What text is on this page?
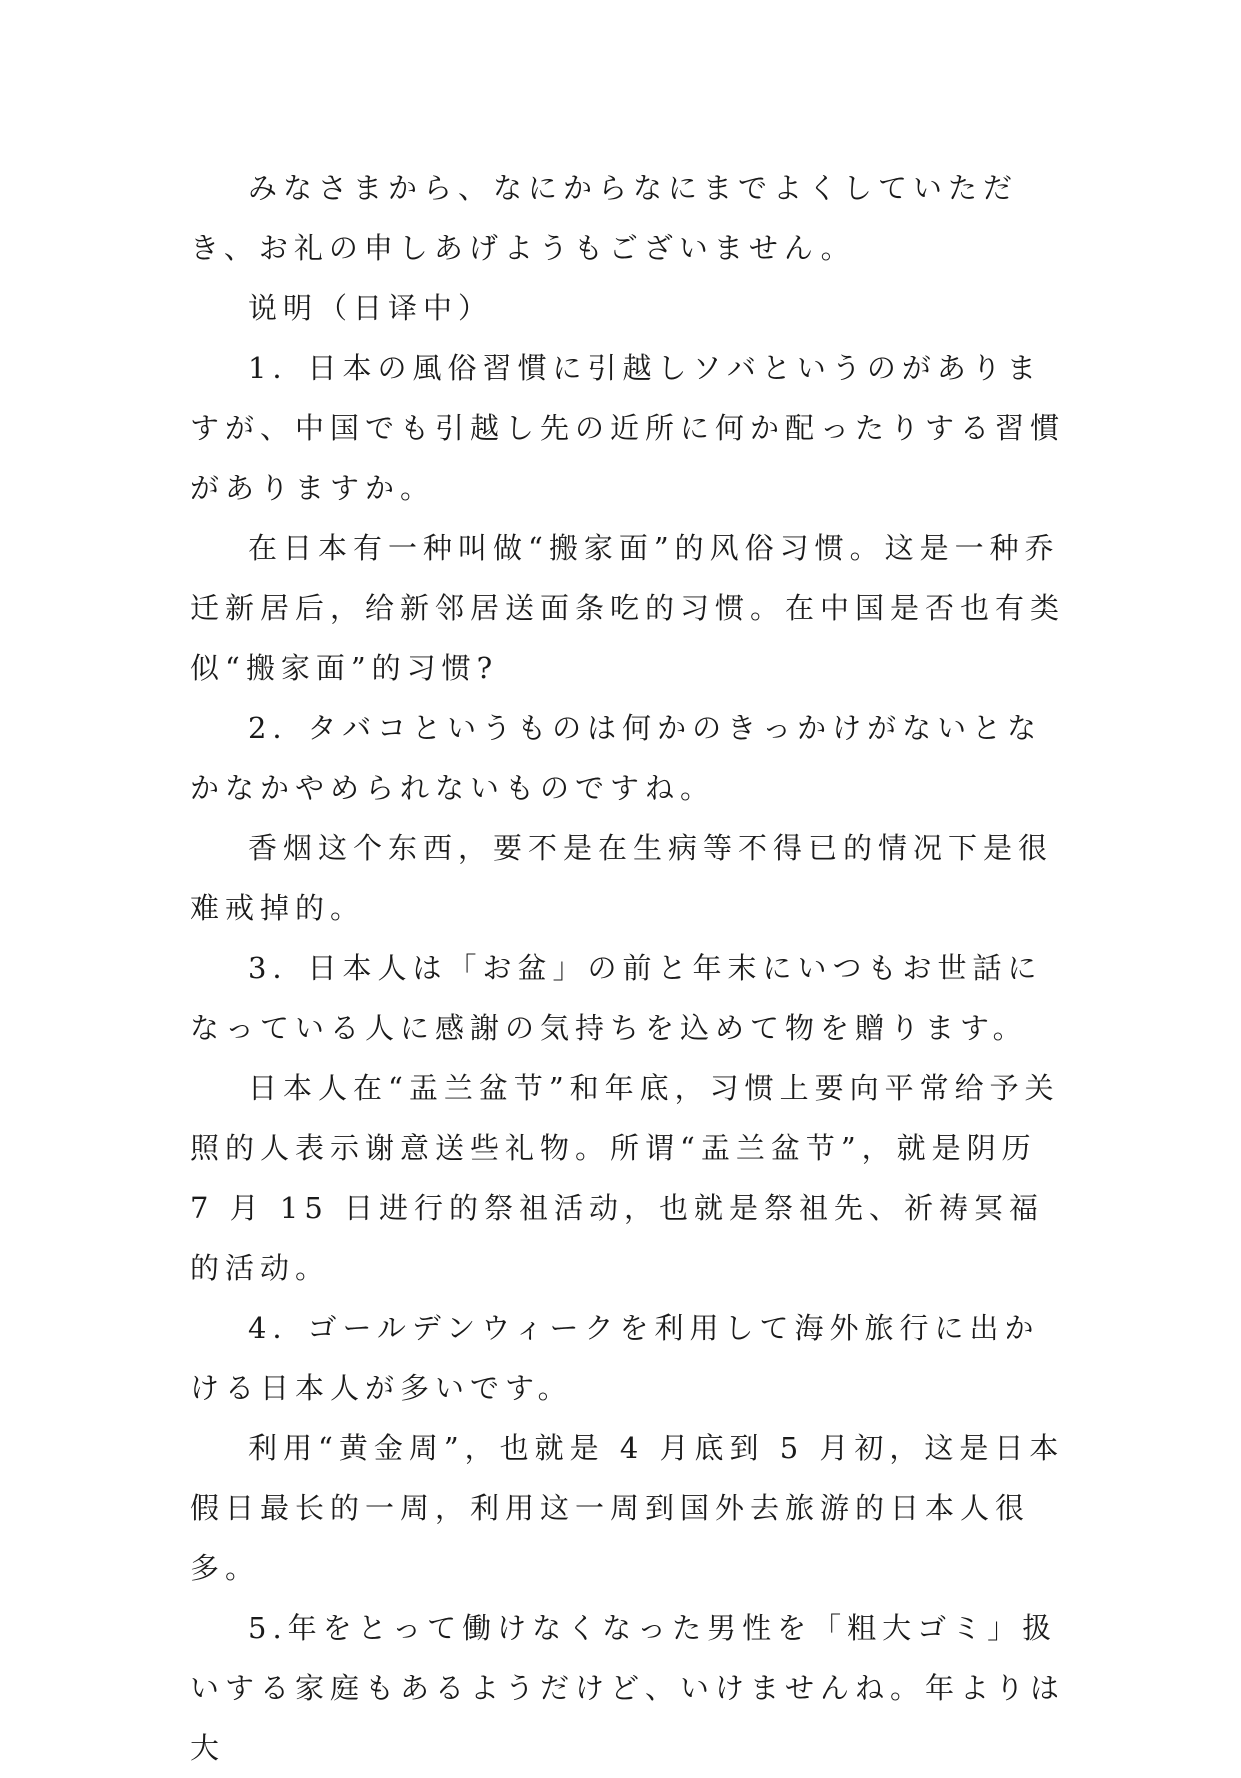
みなさまから、なにからなにまでよくしていただき、お礼の申しあげようもございません。

说明（日译中）

1．日本の風俗習慣に引越しソバというのがありますが、中国でも引越し先の近所に何か配ったりする習慣がありますか。

在日本有一种叫做“搬家面”的风俗习惯。这是一种乔迁新居后，给新邻居送面条吃的习惯。在中国是否也有类似“搬家面”的习惯?

2．タバコというものは何かのきっかけがないとなかなかやめられないものですね。

香烟这个东西，要不是在生病等不得已的情况下是很难戒掉的。

3．日本人は「お盆」の前と年末にいつもお世話になっている人に感謝の気持ちを込めて物を贈ります。

日本人在“盂兰盆节”和年底，习惯上要向平常给予关照的人表示谢意送些礼物。所谓“盂兰盆节”，就是阴历 7 月 15 日进行的祭祖活动，也就是祭祖先、祈祷冥福的活动。

4．ゴールデンウィークを利用して海外旅行に出かける日本人が多いです。

利用“黄金周”，也就是 4 月底到 5 月初，这是日本假日最长的一周，利用这一周到国外去旅游的日本人很多。

5.年をとって働けなくなった男性を「粗大ゴミ」扱いする家庭もあるようだけど、いけませんね。年よりは大
